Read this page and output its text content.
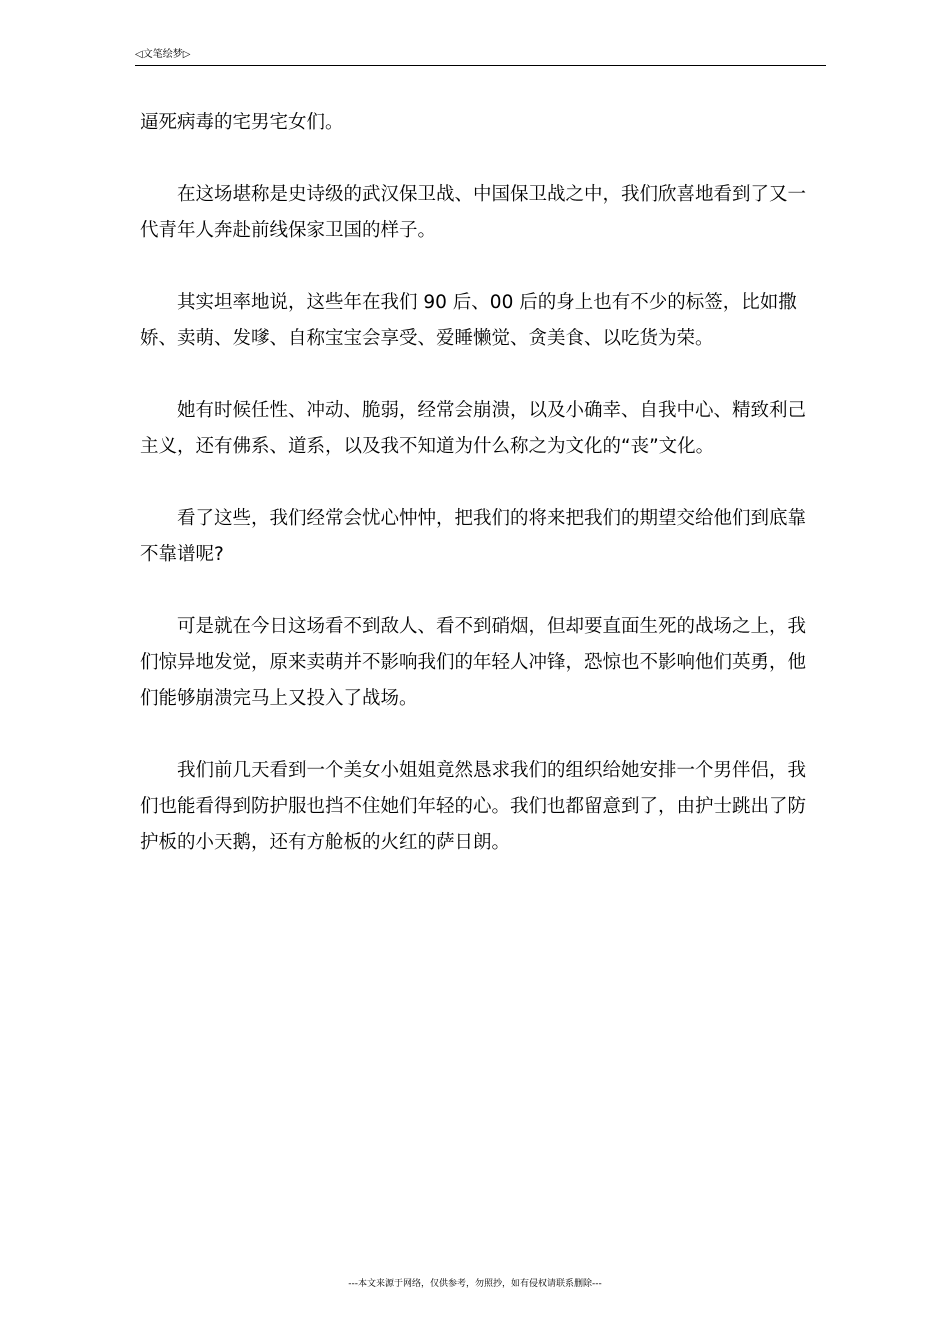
◁文笔绘梦▷

逼死病毒的宅男宅女们。

在这场堪称是史诗级的武汉保卫战、中国保卫战之中，我们欣喜地看到了又一代青年人奔赴前线保家卫国的样子。

其实坦率地说，这些年在我们 90 后、00 后的身上也有不少的标签，比如撒娇、卖萌、发嗲、自称宝宝会享受、爱睡懒觉、贪美食、以吃货为荣。

她有时候任性、冲动、脆弱，经常会崩溃，以及小确幸、自我中心、精致利己主义，还有佛系、道系，以及我不知道为什么称之为文化的“丧”文化。

看了这些，我们经常会忧心忡忡，把我们的将来把我们的期望交给他们到底靠不靠谱呢?

可是就在今日这场看不到敌人、看不到硝烟，但却要直面生死的战场之上，我们惊异地发觉，原来卖萌并不影响我们的年轻人冲锋，恐惊也不影响他们英勇，他们能够崩溃完马上又投入了战场。

我们前几天看到一个美女小姐姐竟然恳求我们的组织给她安排一个男伴侣，我们也能看得到防护服也挡不住她们年轻的心。我们也都留意到了，由护士跳出了防护板的小天鹅，还有方舱板的火红的萨日朗。

---本文来源于网络，仅供参考，勿照抄，如有侵权请联系删除---
